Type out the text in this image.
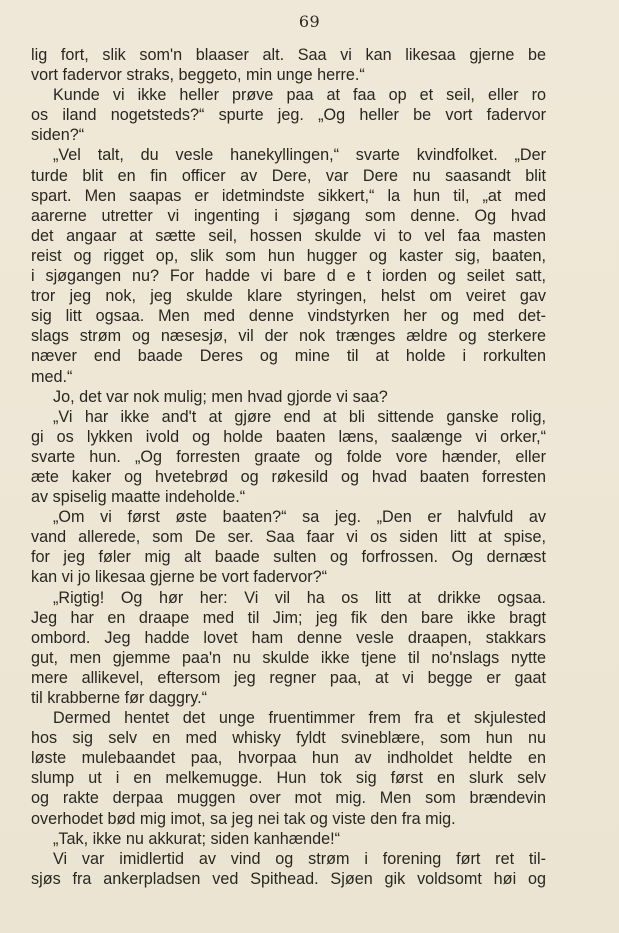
69
lig fort, slik som'n blaaser alt. Saa vi kan likesaa gjerne be
vort fadervor straks, beggeto, min unge herre.“
Kunde vi ikke heller prøve paa at faa op et seil, eller ro
os iland nogetsteds?“ spurte jeg. „Og heller be vort fadervor
siden?“
„Vel talt, du vesle hanekyllingen,“ svarte kvindfolket. „Der
turde blit en fin officer av Dere, var Dere nu saasandt blit
spart. Men saapas er idetmindste sikkert,“ la hun til, „at med
aarerne utretter vi ingenting i sjøgang som denne. Og hvad
det angaar at sætte seil, hossen skulde vi to vel faa masten
reist og rigget op, slik som hun hugger og kaster sig, baaten,
i sjøgangen nu? For hadde vi bare d e t iorden og seilet satt,
tror jeg nok, jeg skulde klare styringen, helst om veiret gav
sig litt ogsaa. Men med denne vindstyrken her og med det-
slags strøm og næsesjø, vil der nok trænges ældre og sterkere
næver end baade Deres og mine til at holde i rorkulten
med.“
Jo, det var nok mulig; men hvad gjorde vi saa?
„Vi har ikke and't at gjøre end at bli sittende ganske rolig,
gi os lykken ivold og holde baaten læns, saalænge vi orker,“
svarte hun. „Og forresten graate og folde vore hænder, eller
æte kaker og hvetebrød og røkesild og hvad baaten forresten
av spiselig maatte indeholde.“
„Om vi først øste baaten?“ sa jeg. „Den er halvfuld av
vand allerede, som De ser. Saa faar vi os siden litt at spise,
for jeg føler mig alt baade sulten og forfrossen. Og dernæst
kan vi jo likesaa gjerne be vort fadervor?“
„Rigtig! Og hør her: Vi vil ha os litt at drikke ogsaa.
Jeg har en draape med til Jim; jeg fik den bare ikke bragt
ombord. Jeg hadde lovet ham denne vesle draapen, stakkars
gut, men gjemme paa'n nu skulde ikke tjene til no'nslags nytte
mere allikevel, eftersom jeg regner paa, at vi begge er gaat
til krabberne før daggry.“
Dermed hentet det unge fruentimmer frem fra et skjulested
hos sig selv en med whisky fyldt svineblære, som hun nu
løste mulebaandet paa, hvorpaa hun av indholdet heldte en
slump ut i en melkemugge. Hun tok sig først en slurk selv
og rakte derpaa muggen over mot mig. Men som brændevin
overhodet bød mig imot, sa jeg nei tak og viste den fra mig.
„Tak, ikke nu akkurat; siden kanhænde!“
Vi var imidlertid av vind og strøm i forening ført ret til-
sjøs fra ankerpladsen ved Spithead. Sjøen gik voldsomt høi og
